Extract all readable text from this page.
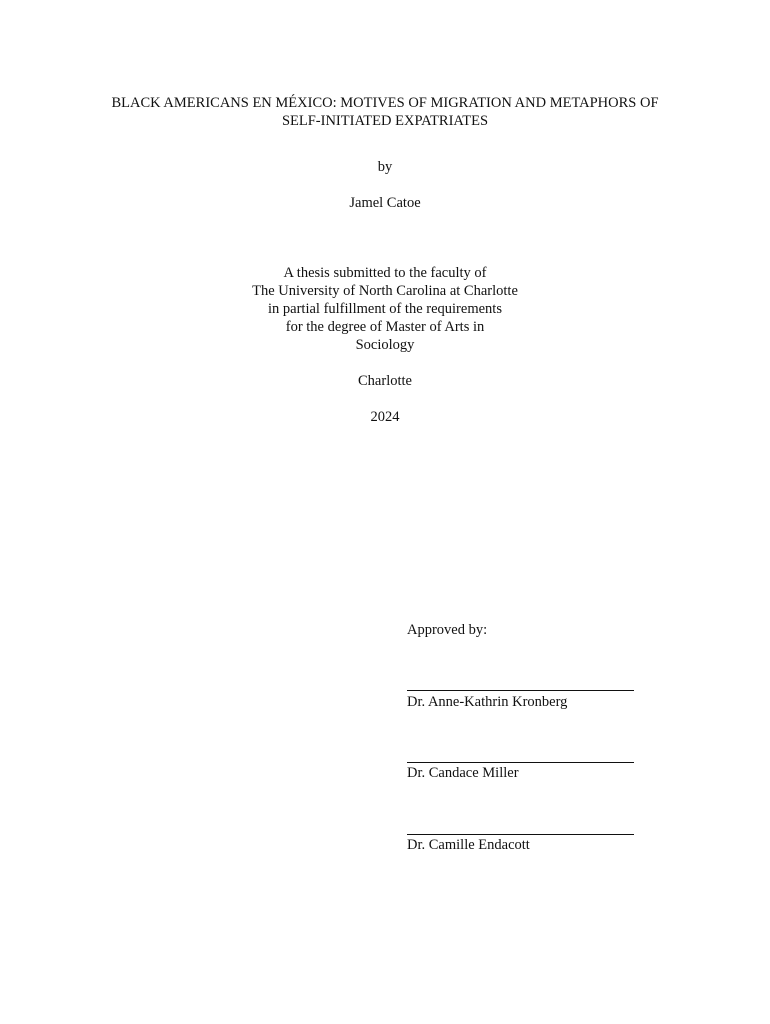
BLACK AMERICANS EN MÉXICO: MOTIVES OF MIGRATION AND METAPHORS OF
SELF-INITIATED EXPATRIATES
by
Jamel Catoe
A thesis submitted to the faculty of
The University of North Carolina at Charlotte
in partial fulfillment of the requirements
for the degree of Master of Arts in
Sociology
Charlotte
2024
Approved by:
Dr. Anne-Kathrin Kronberg
Dr. Candace Miller
Dr. Camille Endacott
